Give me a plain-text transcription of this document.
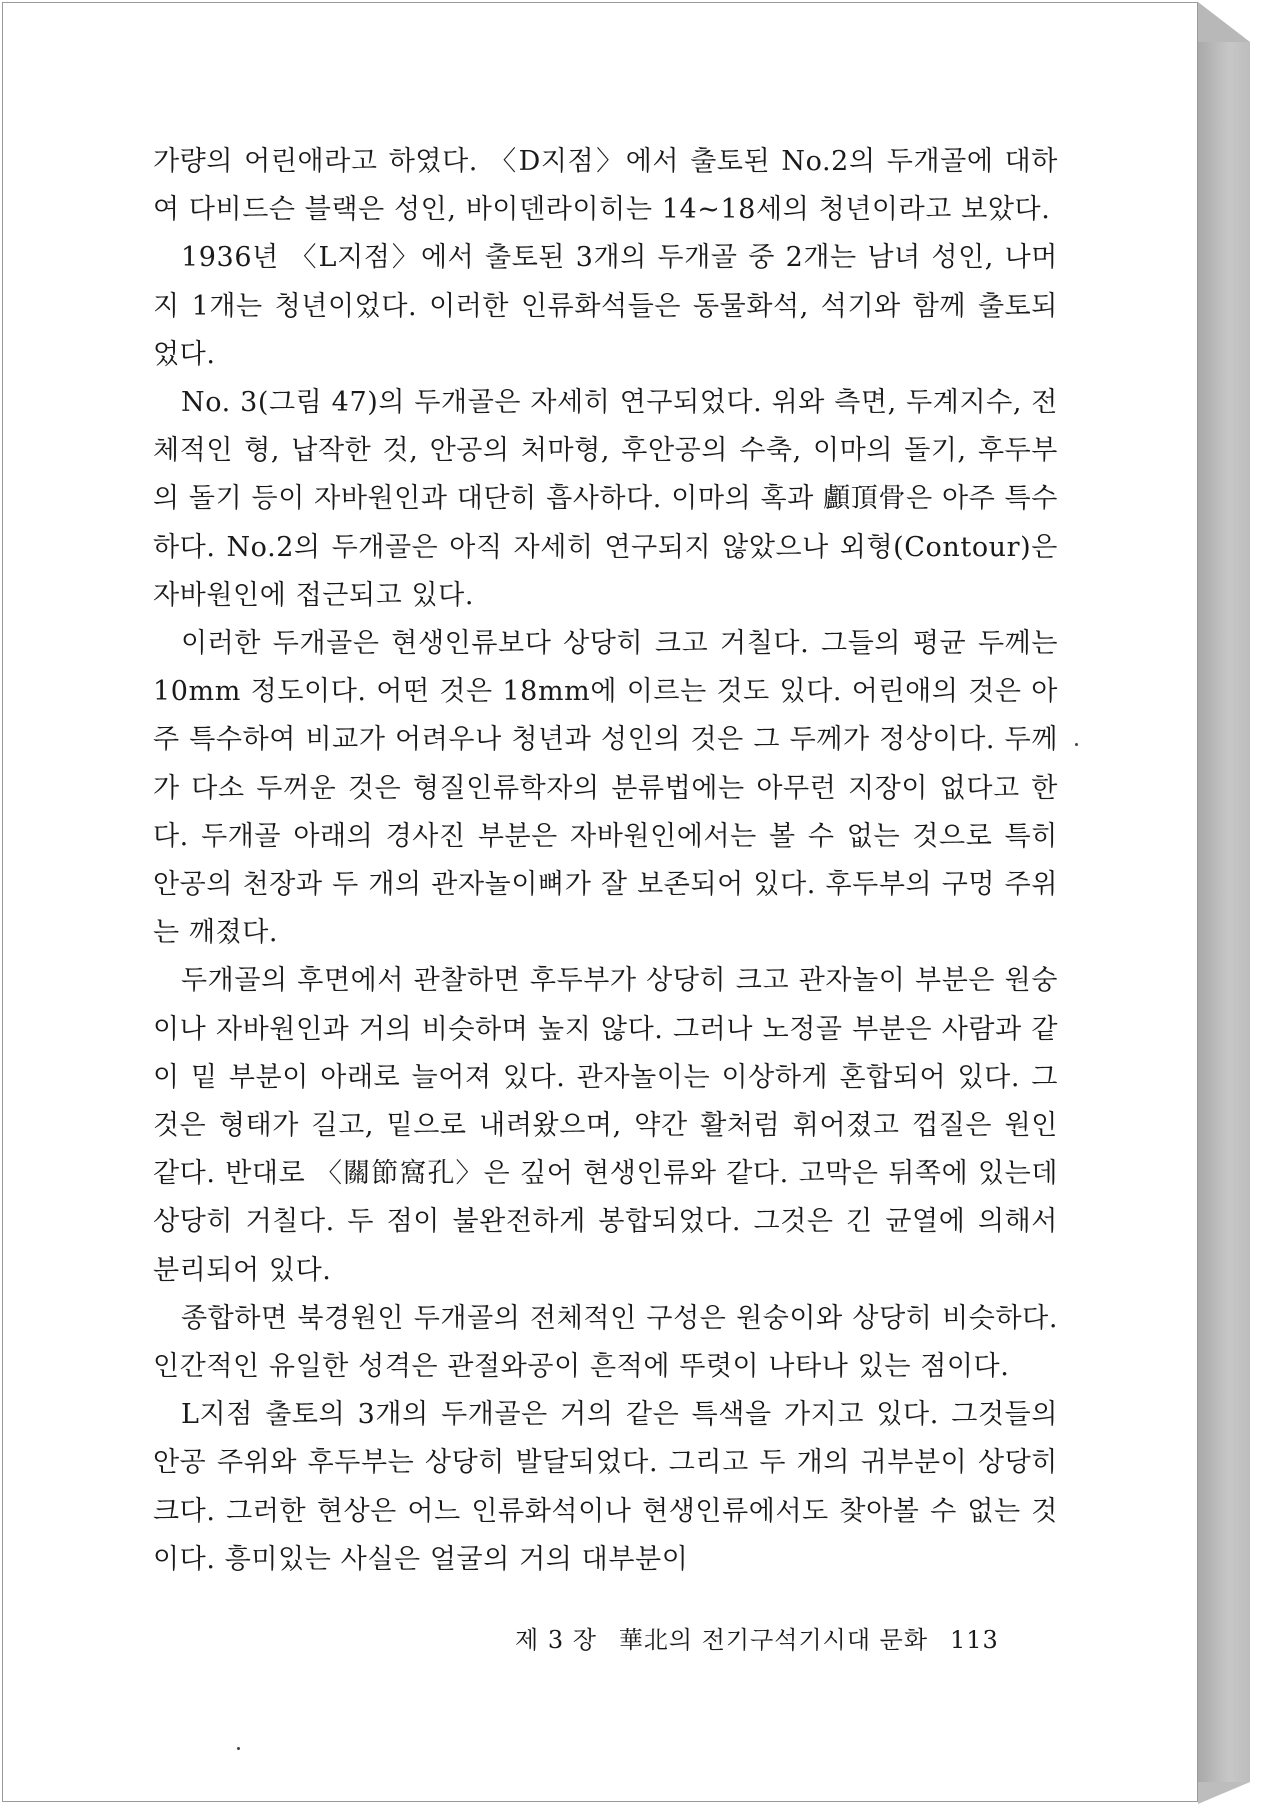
가량의 어린애라고 하였다. 〈D지점〉에서 출토된 No.2의 두개골에 대하여 다비드슨 블랙은 성인, 바이덴라이히는 14~18세의 청년이라고 보았다.

1936년 〈L지점〉에서 출토된 3개의 두개골 중 2개는 남녀 성인, 나머지 1개는 청년이었다. 이러한 인류화석들은 동물화석, 석기와 함께 출토되었다.

No. 3(그림 47)의 두개골은 자세히 연구되었다. 위와 측면, 두계지수, 전체적인 형, 납작한 것, 안공의 처마형, 후안공의 수축, 이마의 돌기, 후두부의 돌기 등이 자바원인과 대단히 흡사하다. 이마의 혹과 顱頂骨은 아주 특수하다. No.2의 두개골은 아직 자세히 연구되지 않았으나 외형(Contour)은 자바원인에 접근되고 있다.

이러한 두개골은 현생인류보다 상당히 크고 거칠다. 그들의 평균 두께는 10mm 정도이다. 어떤 것은 18mm에 이르는 것도 있다. 어린애의 것은 아주 특수하여 비교가 어려우나 청년과 성인의 것은 그 두께가 정상이다. 두께가 다소 두꺼운 것은 형질인류학자의 분류법에는 아무런 지장이 없다고 한다. 두개골 아래의 경사진 부분은 자바원인에서는 볼 수 없는 것으로 특히 안공의 천장과 두 개의 관자놀이뼈가 잘 보존되어 있다. 후두부의 구멍 주위는 깨졌다.

두개골의 후면에서 관찰하면 후두부가 상당히 크고 관자놀이 부분은 원숭이나 자바원인과 거의 비슷하며 높지 않다. 그러나 노정골 부분은 사람과 같이 밑 부분이 아래로 늘어져 있다. 관자놀이는 이상하게 혼합되어 있다. 그것은 형태가 길고, 밑으로 내려왔으며, 약간 활처럼 휘어졌고 껍질은 원인 같다. 반대로 〈關節窩孔〉은 깊어 현생인류와 같다. 고막은 뒤쪽에 있는데 상당히 거칠다. 두 점이 불완전하게 봉합되었다. 그것은 긴 균열에 의해서 분리되어 있다.

종합하면 북경원인 두개골의 전체적인 구성은 원숭이와 상당히 비슷하다. 인간적인 유일한 성격은 관절와공이 흔적에 뚜렷이 나타나 있는 점이다.

L지점 출토의 3개의 두개골은 거의 같은 특색을 가지고 있다. 그것들의 안공 주위와 후두부는 상당히 발달되었다. 그리고 두 개의 귀부분이 상당히 크다. 그러한 현상은 어느 인류화석이나 현생인류에서도 찾아볼 수 없는 것이다. 흥미있는 사실은 얼굴의 거의 대부분이

제 3 장 華北의 전기구석기시대 문화 113
